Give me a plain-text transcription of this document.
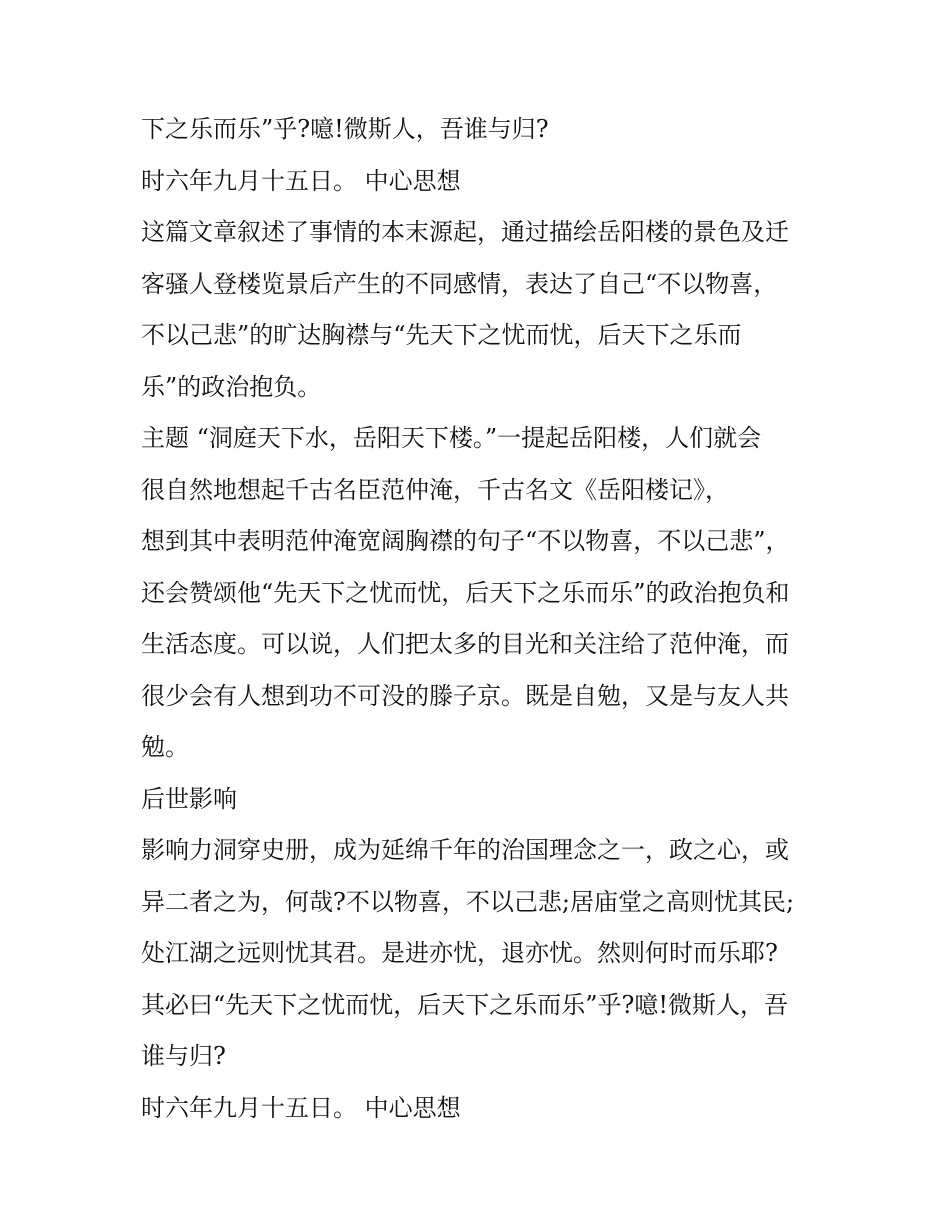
下之乐而乐”乎?噫!微斯人，吾谁与归?
时六年九月十五日。 中心思想
这篇文章叙述了事情的本末源起，通过描绘岳阳楼的景色及迁
客骚人登楼览景后产生的不同感情，表达了自己“不以物喜，
不以己悲”的旷达胸襟与“先天下之忧而忧，后天下之乐而
乐”的政治抱负。
主题 “洞庭天下水，岳阳天下楼。”一提起岳阳楼，人们就会
很自然地想起千古名臣范仲淹，千古名文《岳阳楼记》，
想到其中表明范仲淹宽阔胸襟的句子“不以物喜，不以己悲”，
还会赞颂他“先天下之忧而忧，后天下之乐而乐”的政治抱负和
生活态度。可以说，人们把太多的目光和关注给了范仲淹，而
很少会有人想到功不可没的滕子京。既是自勉，又是与友人共
勉。
后世影响
影响力洞穿史册，成为延绵千年的治国理念之一，政之心，或
异二者之为，何哉?不以物喜，不以己悲;居庙堂之高则忧其民;
处江湖之远则忧其君。是进亦忧，退亦忧。然则何时而乐耶?
其必曰“先天下之忧而忧，后天下之乐而乐”乎?噫!微斯人，吾
谁与归?
时六年九月十五日。 中心思想
